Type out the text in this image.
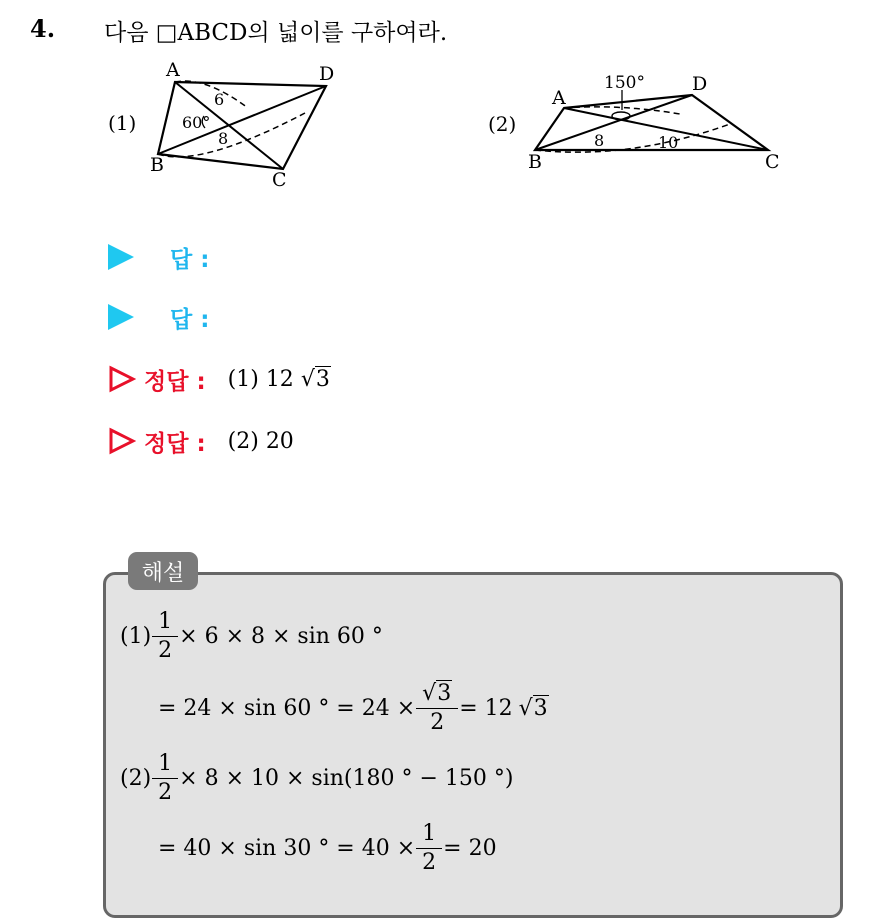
4. 다음 □ABCD의 넓이를 구하여라.
(1)
A	D
B
C
60°
6
8
(2)
150°
A
D
B	C
8	10
답 :
답 :
정답 : (1) 12 √3
정답 : (2) 20
해설
$(1) \frac{1}{2} \times 6 \times 8 \times \sin 60$ °
= 24 × sin 60 ° = $24 \times \frac{√3}{2} = 12$ √3
$(2) \frac{1}{2} \times 8 \times 10 \times \sin(180$ ° − 150 °)
= 40 × sin 30 ° = $40 \times \frac{1}{2} = 20$
